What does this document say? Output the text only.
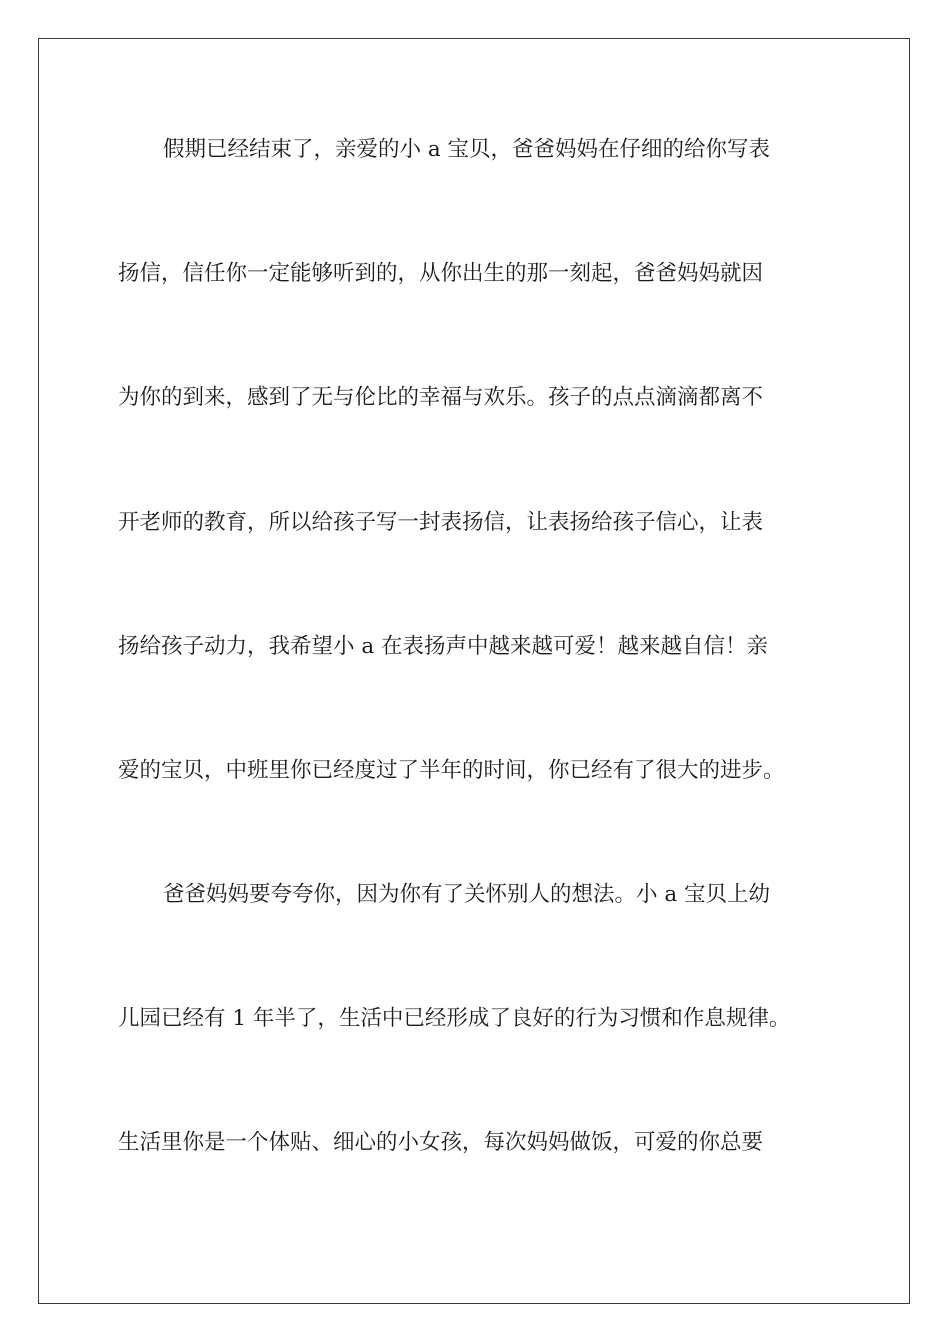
假期已经结束了，亲爱的小 a 宝贝，爸爸妈妈在仔细的给你写表
扬信，信任你一定能够听到的，从你出生的那一刻起，爸爸妈妈就因
为你的到来，感到了无与伦比的幸福与欢乐。孩子的点点滴滴都离不
开老师的教育，所以给孩子写一封表扬信，让表扬给孩子信心，让表
扬给孩子动力，我希望小 a 在表扬声中越来越可爱！越来越自信！亲
爱的宝贝，中班里你已经度过了半年的时间，你已经有了很大的进步。
爸爸妈妈要夸夸你，因为你有了关怀别人的想法。小 a 宝贝上幼
儿园已经有 1 年半了，生活中已经形成了良好的行为习惯和作息规律。
生活里你是一个体贴、细心的小女孩，每次妈妈做饭，可爱的你总要
